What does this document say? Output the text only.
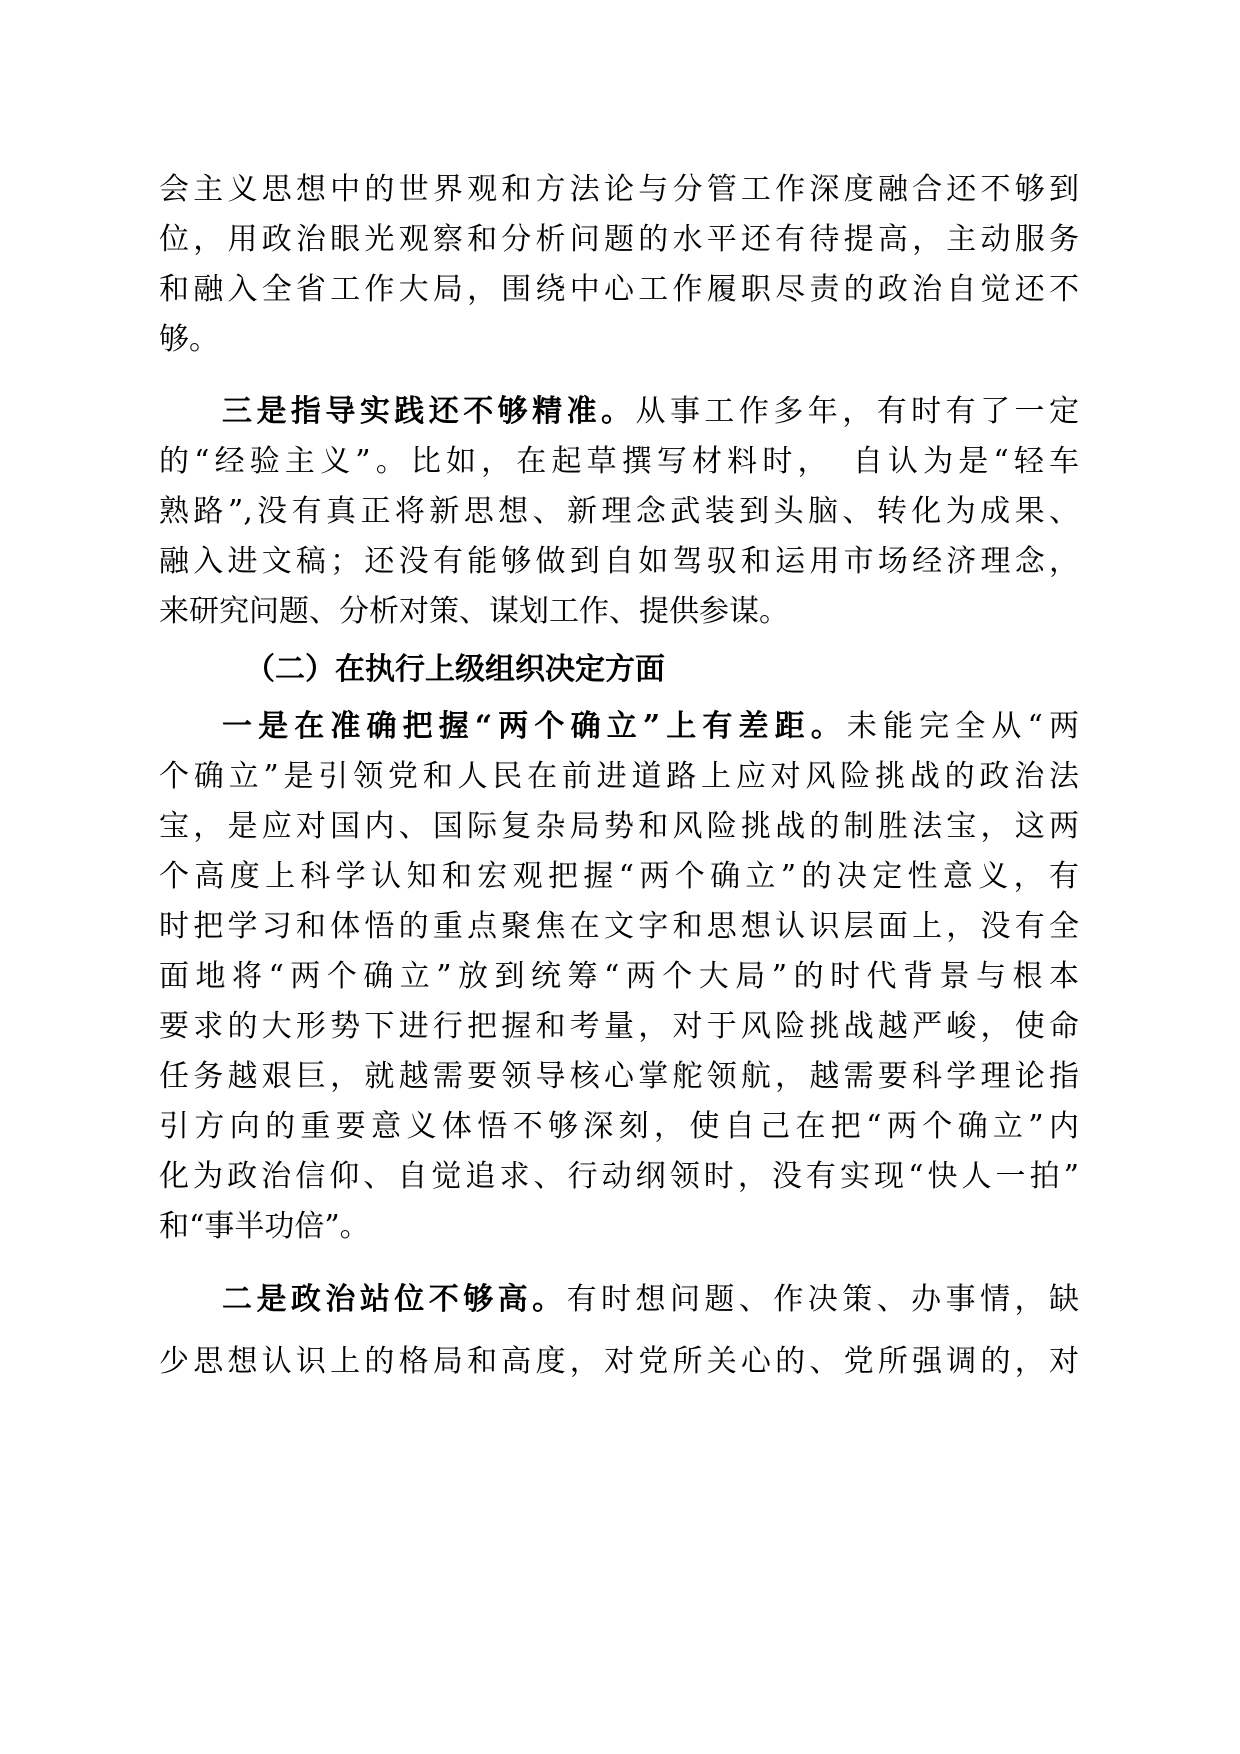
会主义思想中的世界观和方法论与分管工作深度融合还不够到
位，用政治眼光观察和分析问题的水平还有待提高，主动服务
和融入全省工作大局，围绕中心工作履职尽责的政治自觉还不
够。
三是指导实践还不够精准。从事工作多年，有时有了一定
的“经验主义”。比如，在起草撰写材料时，　自认为是“轻车
熟路”,没有真正将新思想、新理念武装到头脑、转化为成果、
融入进文稿；还没有能够做到自如驾驭和运用市场经济理念，
来研究问题、分析对策、谋划工作、提供参谋。
（二）在执行上级组织决定方面
一是在准确把握“两个确立”上有差距。未能完全从“两
个确立”是引领党和人民在前进道路上应对风险挑战的政治法
宝，是应对国内、国际复杂局势和风险挑战的制胜法宝，这两
个高度上科学认知和宏观把握“两个确立”的决定性意义，有
时把学习和体悟的重点聚焦在文字和思想认识层面上，没有全
面地将“两个确立”放到统筹“两个大局”的时代背景与根本
要求的大形势下进行把握和考量，对于风险挑战越严峻，使命
任务越艰巨，就越需要领导核心掌舵领航，越需要科学理论指
引方向的重要意义体悟不够深刻，使自己在把“两个确立”内
化为政治信仰、自觉追求、行动纲领时，没有实现“快人一拍”
和“事半功倍”。
二是政治站位不够高。有时想问题、作决策、办事情，缺
少思想认识上的格局和高度，对党所关心的、党所强调的，对
